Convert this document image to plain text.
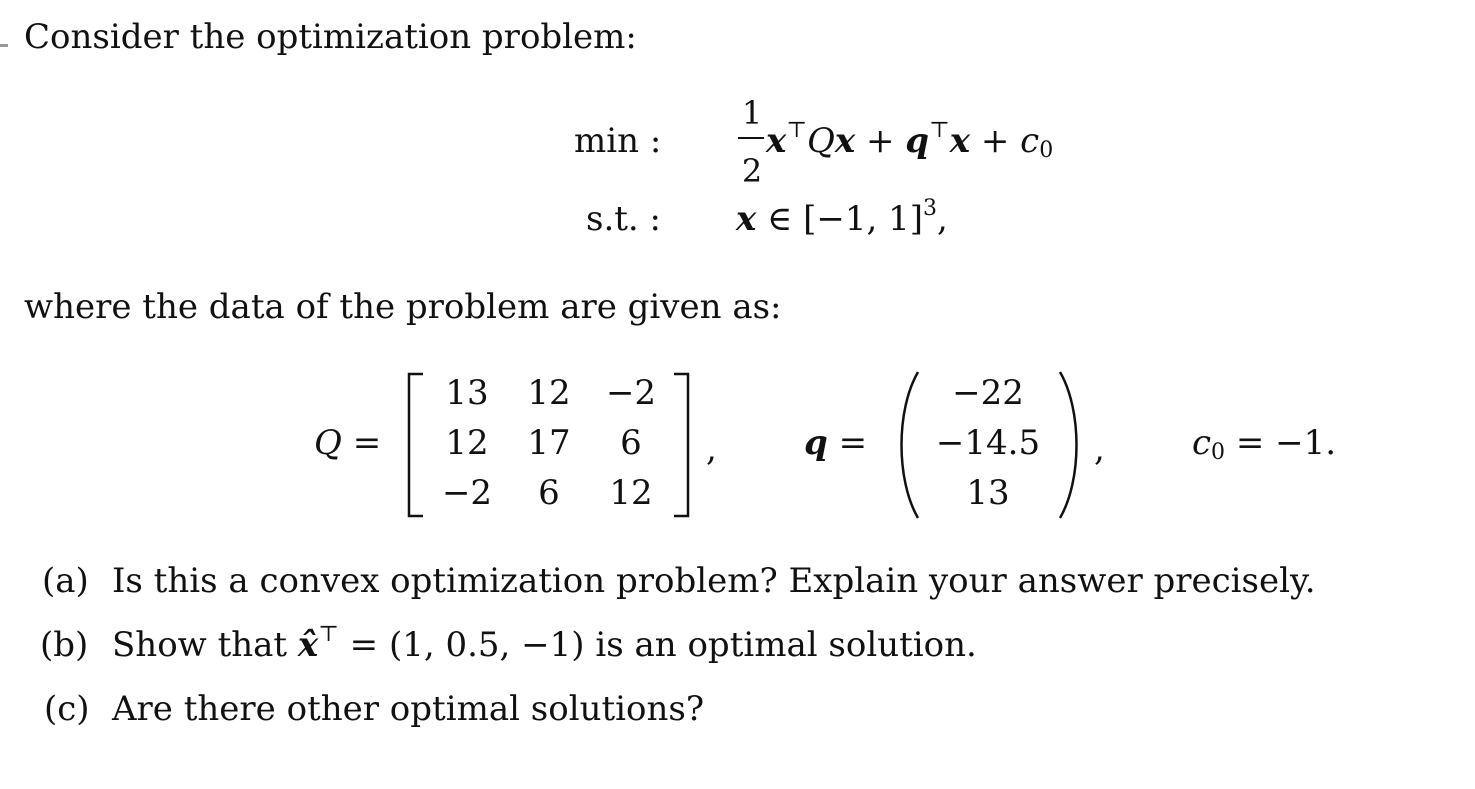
Consider the optimization problem:
min :
s.t. :
1
2
x⊤Qx + q⊤x + c0
x ∈ [−1, 1]$^3$,
where the data of the problem are given as:
Q =
13	12	−2
12	17	6
−2	6	12
,	q =
−22
−14.5
13
,	c0 = −1.
(a) Is this a convex optimization problem? Explain your answer precisely.
(b) Show that x̂⊤ = (1, 0.5, −1) is an optimal solution.
(c) Are there other optimal solutions?
